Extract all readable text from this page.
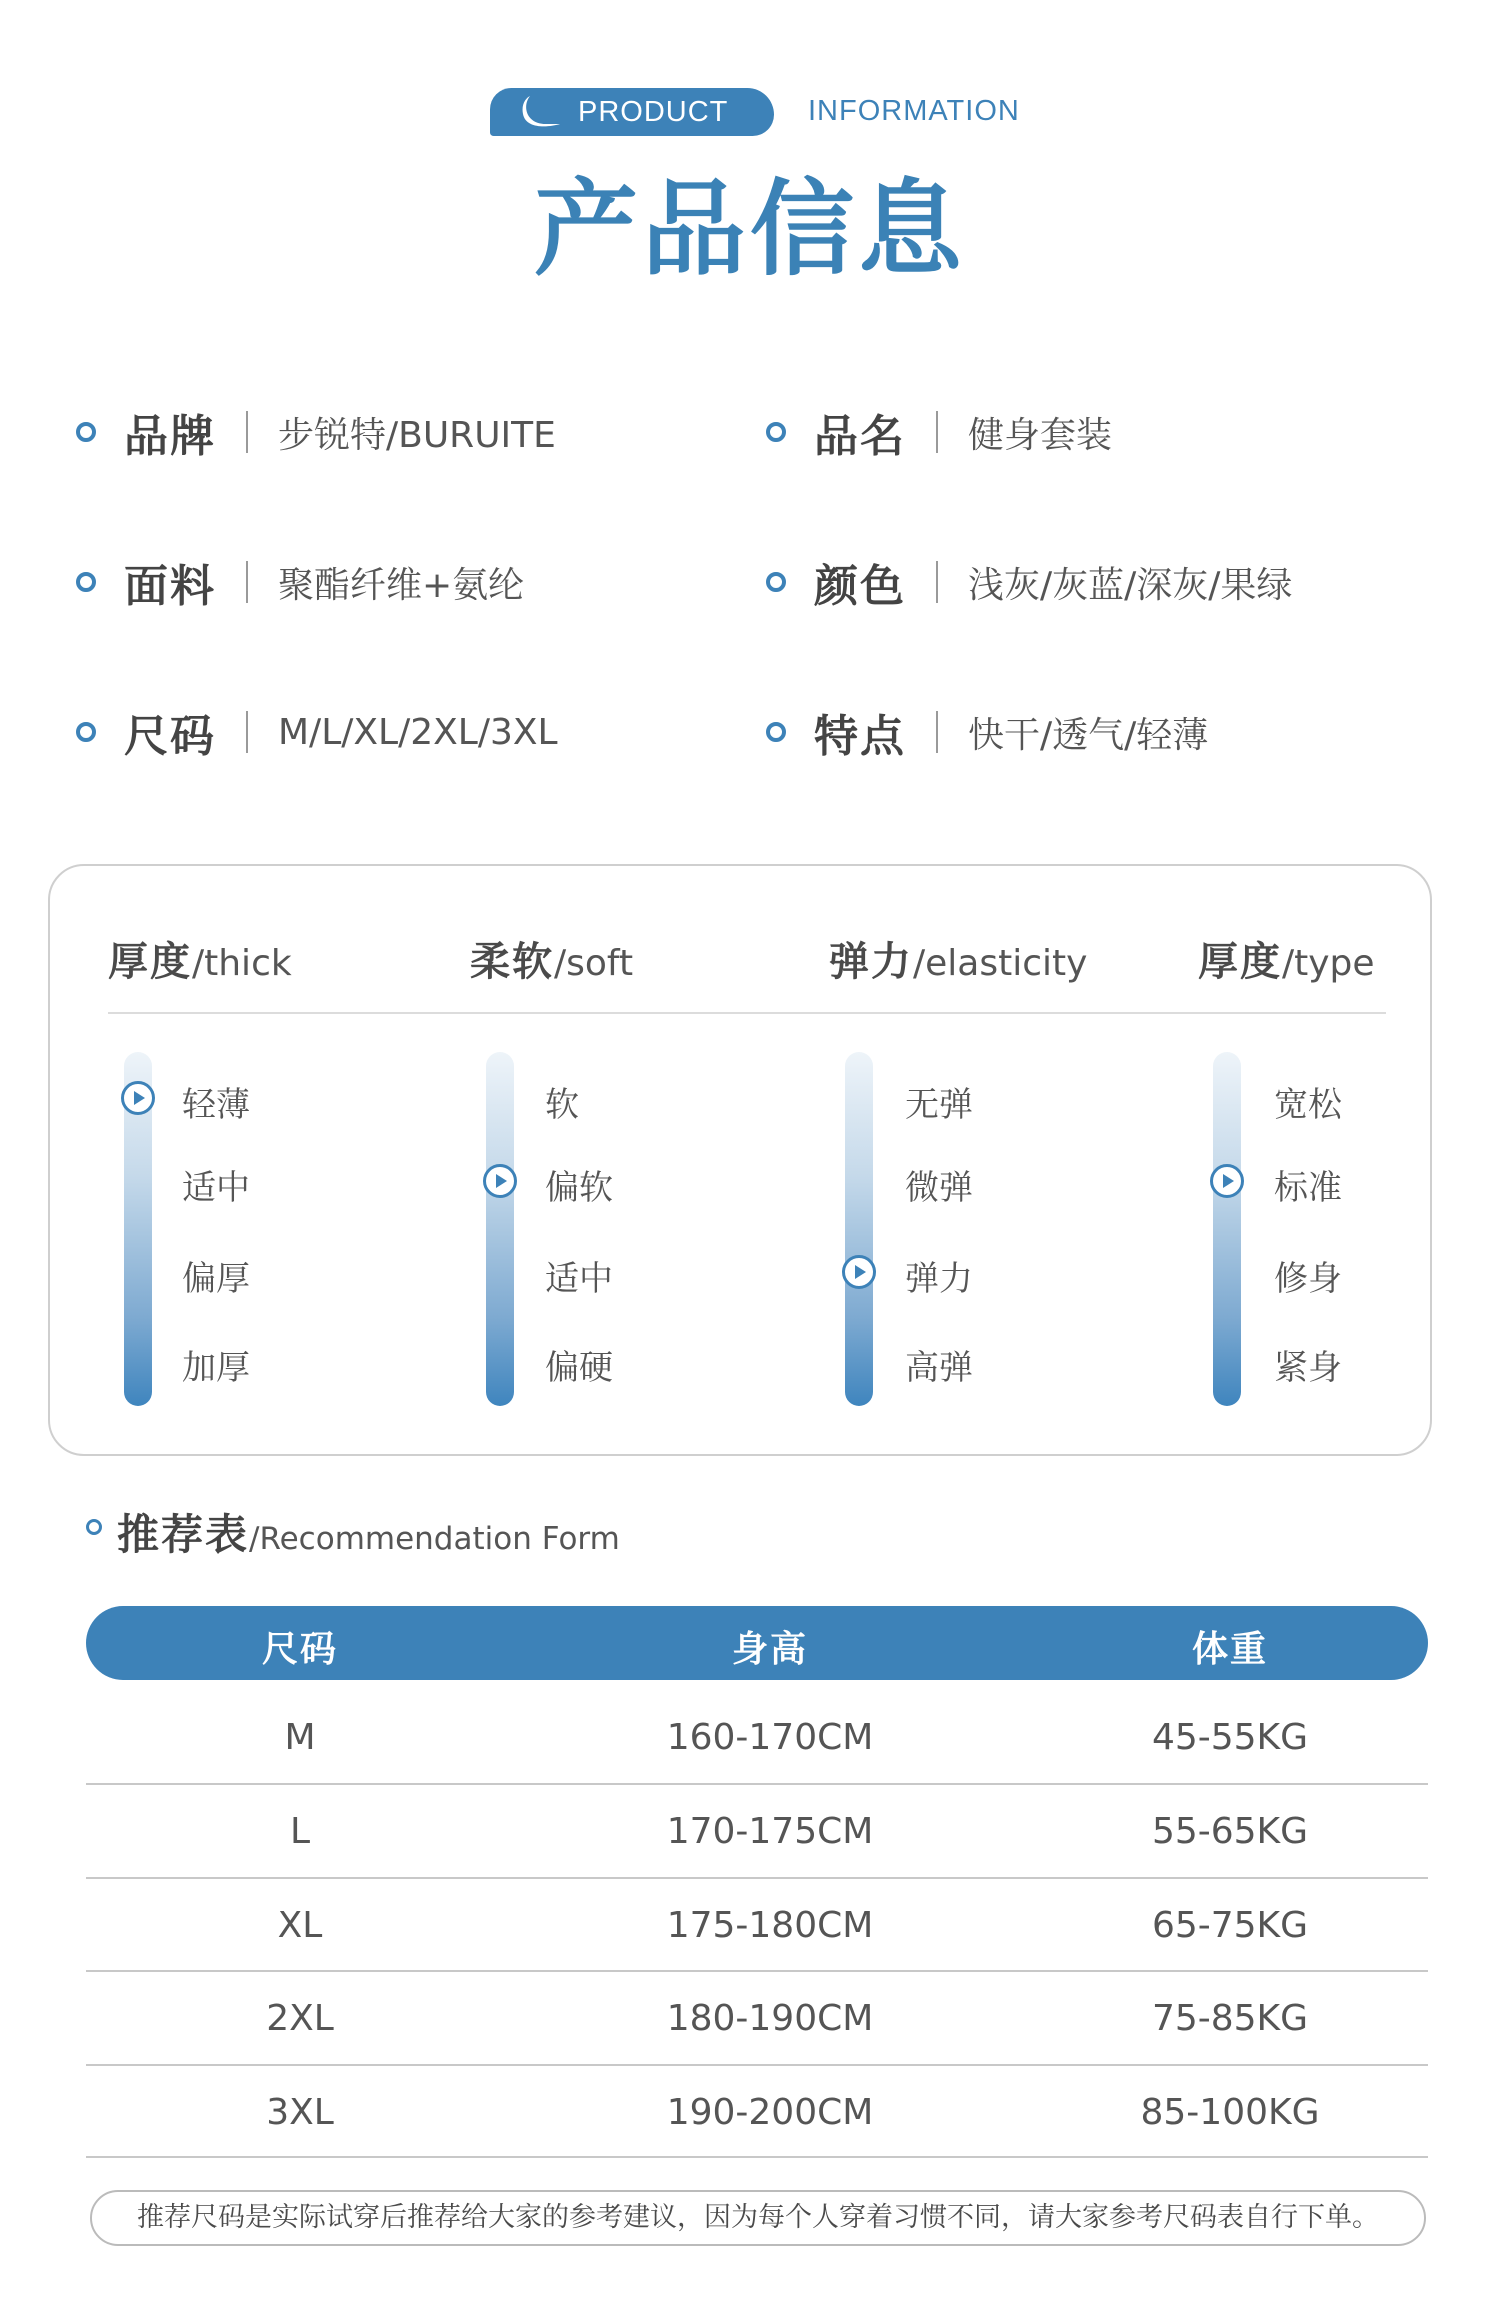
PRODUCT	INFORMATION
产品信息
品牌 步锐特/BURUITE
面料 聚酯纤维+氨纶
尺码 M/L/XL/2XL/3XL
品名 健身套装
颜色 浅灰/灰蓝/深灰/果绿
特点 快干/透气/轻薄
厚度/thick	柔软/soft	弹力/elasticity	厚度/type
轻薄
适中
偏厚
加厚
软
偏软
适中
偏硬
无弹
微弹
弹力
高弹
宽松
标准
修身
紧身
推荐表/Recommendation Form
尺码	身高	体重
M	160-170CM	45-55KG
L	170-175CM	55-65KG
XL	175-180CM	65-75KG
2XL	180-190CM	75-85KG
3XL	190-200CM	85-100KG
推荐尺码是实际试穿后推荐给大家的参考建议，因为每个人穿着习惯不同，请大家参考尺码表自行下单。
